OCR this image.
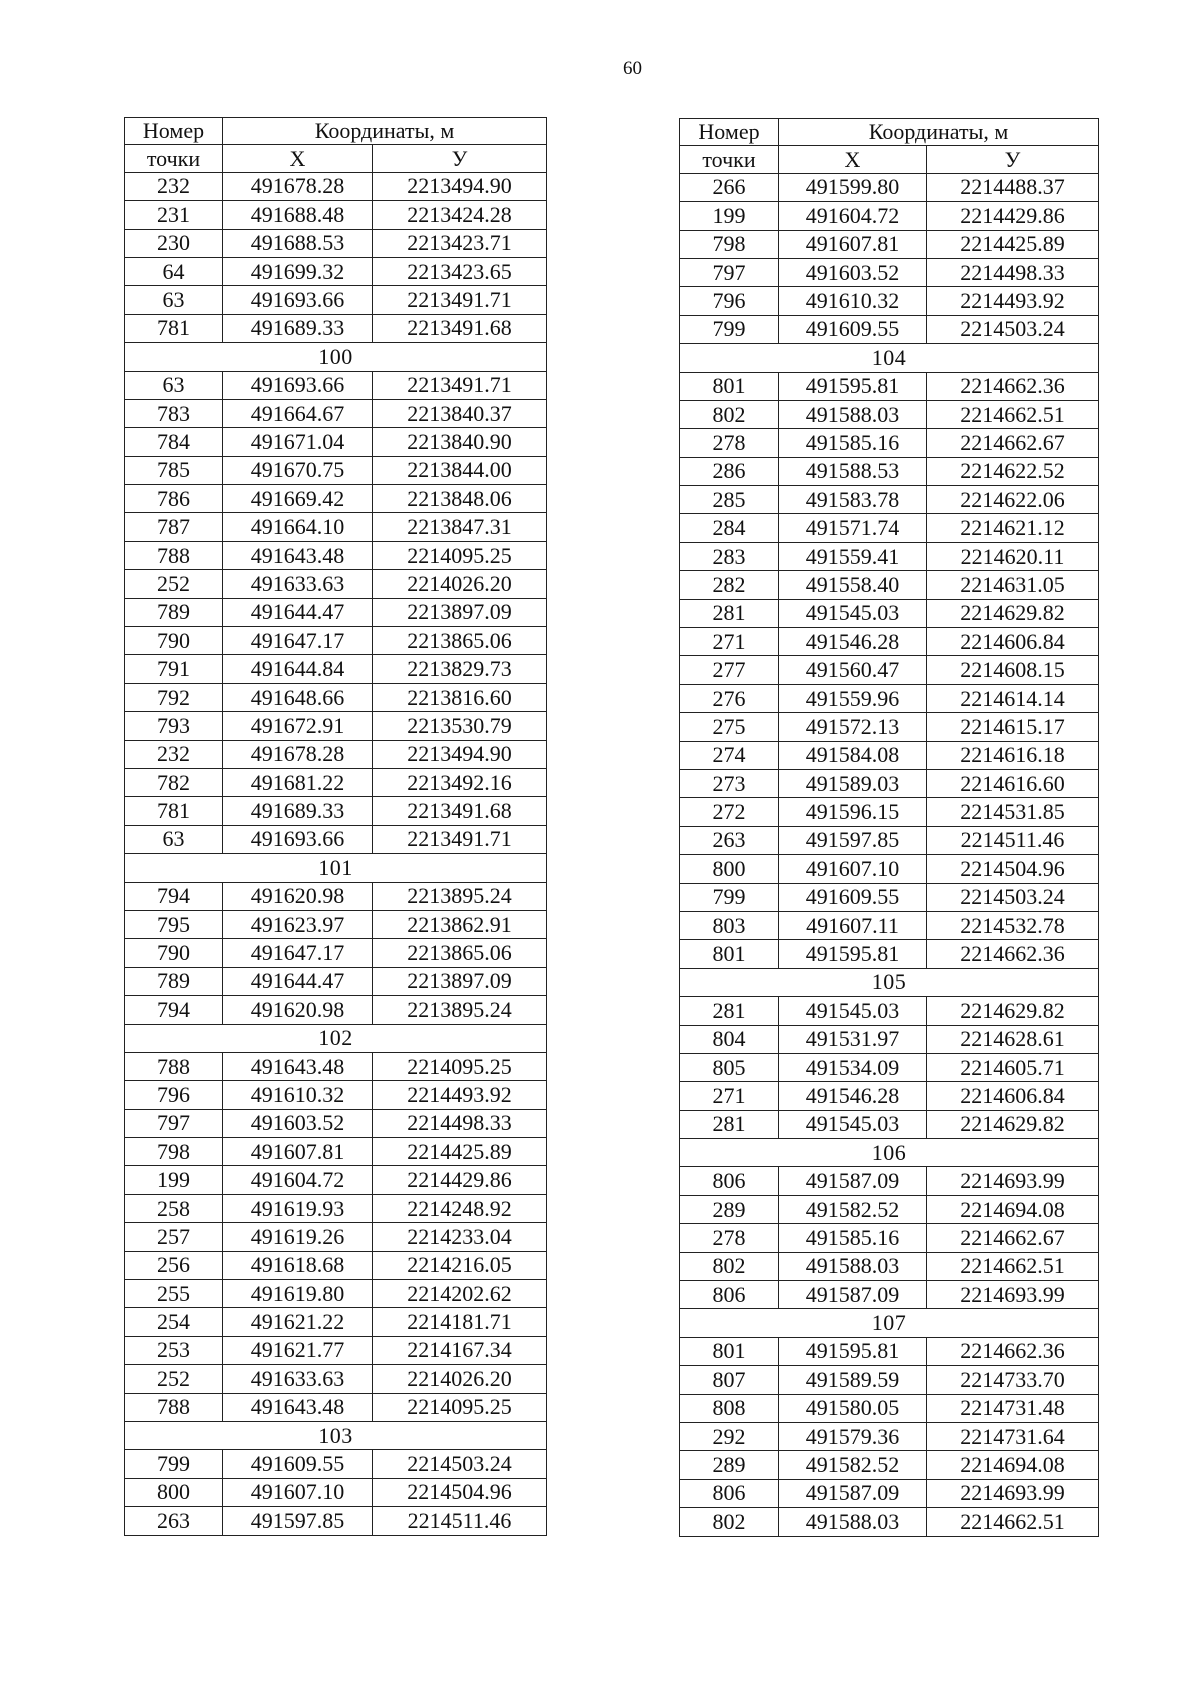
60
Номер	Координаты, м	
точки	X	У
232	491678.28	2213494.90
231	491688.48	2213424.28
230	491688.53	2213423.71
64	491699.32	2213423.65
63	491693.66	2213491.71
781	491689.33	2213491.68
100		
63	491693.66	2213491.71
783	491664.67	2213840.37
784	491671.04	2213840.90
785	491670.75	2213844.00
786	491669.42	2213848.06
787	491664.10	2213847.31
788	491643.48	2214095.25
252	491633.63	2214026.20
789	491644.47	2213897.09
790	491647.17	2213865.06
791	491644.84	2213829.73
792	491648.66	2213816.60
793	491672.91	2213530.79
232	491678.28	2213494.90
782	491681.22	2213492.16
781	491689.33	2213491.68
63	491693.66	2213491.71
101		
794	491620.98	2213895.24
795	491623.97	2213862.91
790	491647.17	2213865.06
789	491644.47	2213897.09
794	491620.98	2213895.24
102		
788	491643.48	2214095.25
796	491610.32	2214493.92
797	491603.52	2214498.33
798	491607.81	2214425.89
199	491604.72	2214429.86
258	491619.93	2214248.92
257	491619.26	2214233.04
256	491618.68	2214216.05
255	491619.80	2214202.62
254	491621.22	2214181.71
253	491621.77	2214167.34
252	491633.63	2214026.20
788	491643.48	2214095.25
103		
799	491609.55	2214503.24
800	491607.10	2214504.96
263	491597.85	2214511.46
Номер	Координаты, м	
точки	X	У
266	491599.80	2214488.37
199	491604.72	2214429.86
798	491607.81	2214425.89
797	491603.52	2214498.33
796	491610.32	2214493.92
799	491609.55	2214503.24
104		
801	491595.81	2214662.36
802	491588.03	2214662.51
278	491585.16	2214662.67
286	491588.53	2214622.52
285	491583.78	2214622.06
284	491571.74	2214621.12
283	491559.41	2214620.11
282	491558.40	2214631.05
281	491545.03	2214629.82
271	491546.28	2214606.84
277	491560.47	2214608.15
276	491559.96	2214614.14
275	491572.13	2214615.17
274	491584.08	2214616.18
273	491589.03	2214616.60
272	491596.15	2214531.85
263	491597.85	2214511.46
800	491607.10	2214504.96
799	491609.55	2214503.24
803	491607.11	2214532.78
801	491595.81	2214662.36
105		
281	491545.03	2214629.82
804	491531.97	2214628.61
805	491534.09	2214605.71
271	491546.28	2214606.84
281	491545.03	2214629.82
106		
806	491587.09	2214693.99
289	491582.52	2214694.08
278	491585.16	2214662.67
802	491588.03	2214662.51
806	491587.09	2214693.99
107		
801	491595.81	2214662.36
807	491589.59	2214733.70
808	491580.05	2214731.48
292	491579.36	2214731.64
289	491582.52	2214694.08
806	491587.09	2214693.99
802	491588.03	2214662.51
